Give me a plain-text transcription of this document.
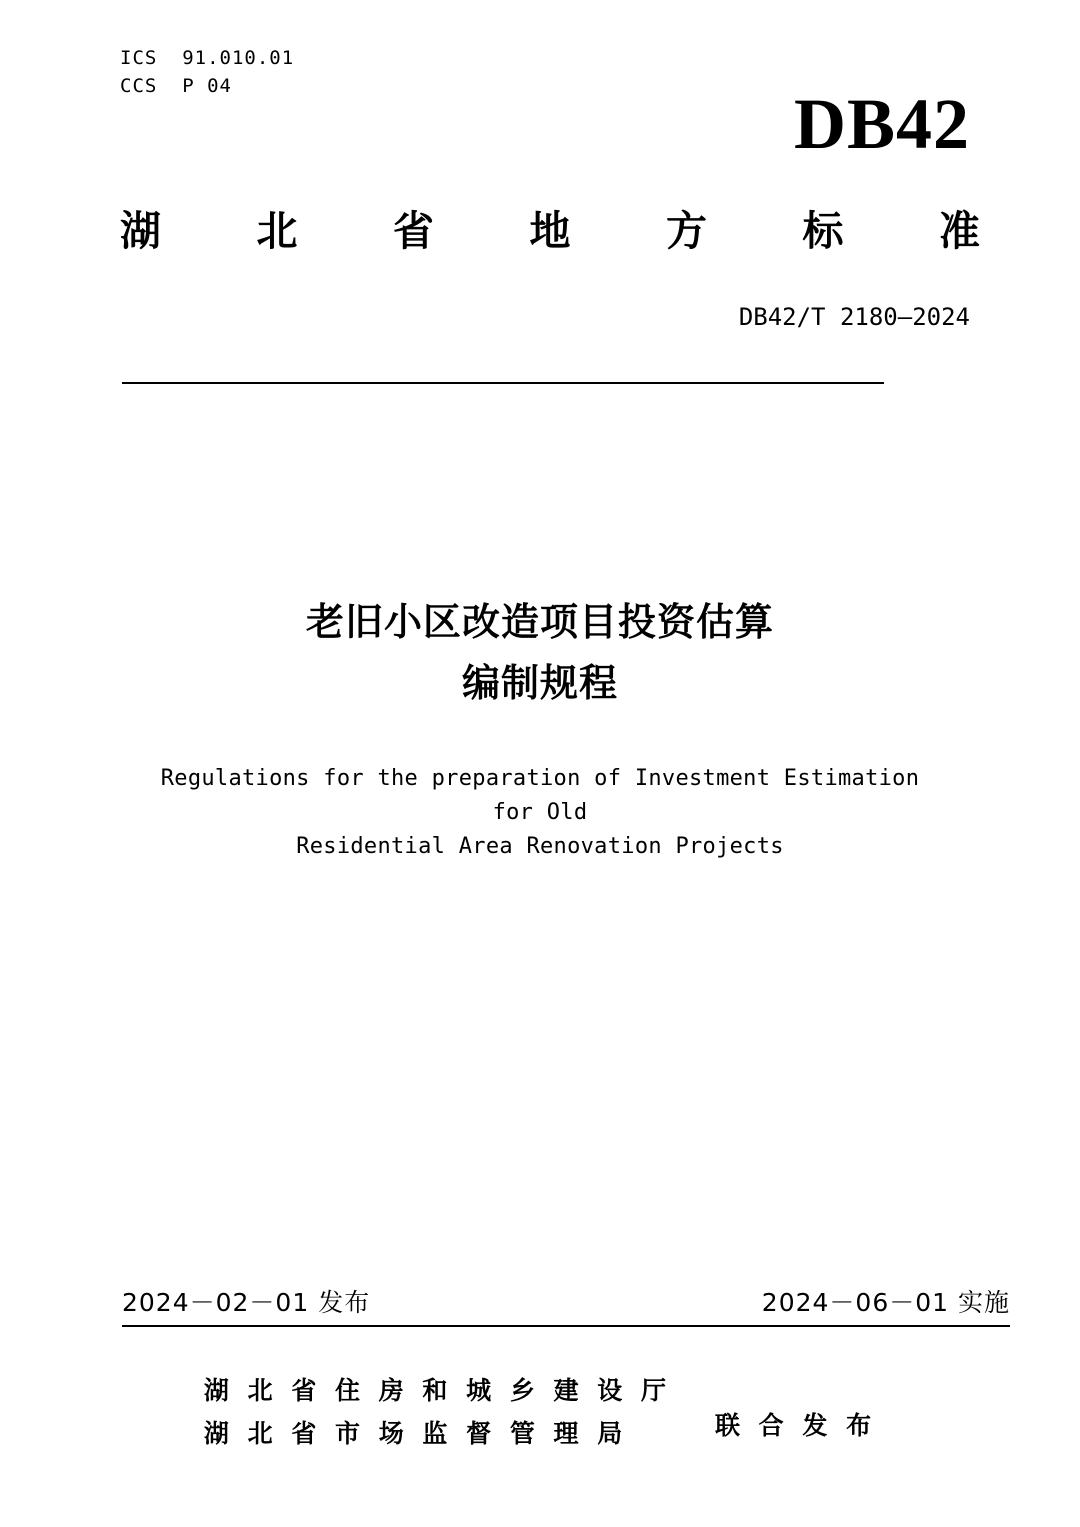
ICS  91.010.01
CCS  P 04	DB42
湖 北 省 地 方 标 准
DB42/T 2180—2024
老旧小区改造项目投资估算
编制规程
Regulations for the preparation of Investment Estimation for Old
Residential Area Renovation Projects
2024－02－01 发布	2024－06－01 实施
湖 北 省 住 房 和 城 乡 建 设 厅
湖 北 省 市 场 监 督 管 理 局	联 合 发 布
